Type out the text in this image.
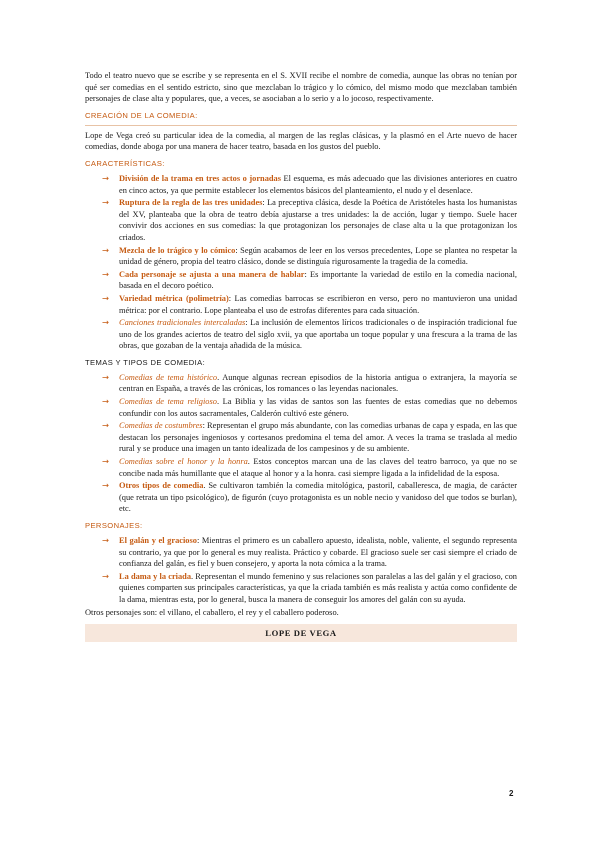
Todo el teatro nuevo que se escribe y se representa en el S. XVII recibe el nombre de comedia, aunque las obras no tenían por qué ser comedias en el sentido estricto, sino que mezclaban lo trágico y lo cómico, del mismo modo que mezclaban también personajes de clase alta y populares, que, a veces, se asociaban a lo serio y a lo jocoso, respectivamente.

CREACIÓN DE LA COMEDIA:

Lope de Vega creó su particular idea de la comedia, al margen de las reglas clásicas, y la plasmó en el Arte nuevo de hacer comedias, donde aboga por una manera de hacer teatro, basada en los gustos del pueblo.

CARACTERÍSTICAS:
→ División de la trama en tres actos o jornadas El esquema, es más adecuado que las divisiones anteriores en cuatro en cinco actos, ya que permite establecer los elementos básicos del planteamiento, el nudo y el desenlace.

→ Ruptura de la regla de las tres unidades: La preceptiva clásica, desde la Poética de Aristóteles hasta los humanistas del XV, planteaba que la obra de teatro debía ajustarse a tres unidades: la de acción, lugar y tiempo. Suele hacer convivir dos acciones en sus comedias: la que protagonizan los personajes de clase alta u la que protagonizan los criados.

→ Mezcla de lo trágico y lo cómico: Según acabamos de leer en los versos precedentes, Lope se plantea no respetar la unidad de género, propia del teatro clásico, donde se distinguía rigurosamente la tragedia de la comedia.

→ Cada personaje se ajusta a una manera de hablar: Es importante la variedad de estilo en la comedia nacional, basada en el decoro poético.

→ Variedad métrica (polimetría): Las comedias barrocas se escribieron en verso, pero no mantuvieron una unidad métrica: por el contrario. Lope planteaba el uso de estrofas diferentes para cada situación.

→ Canciones tradicionales intercaladas: La inclusión de elementos líricos tradicionales o de inspiración tradicional fue uno de los grandes aciertos de teatro del siglo xvii, ya que aportaba un toque popular y una frescura a la trama de las obras, que gozaban de la ventaja añadida de la música.

TEMAS Y TIPOS DE COMEDIA:
→ Comedias de tema histórico. Aunque algunas recrean episodios de la historia antigua o extranjera, la mayoría se centran en España, a través de las crónicas, los romances o las leyendas nacionales.

→ Comedias de tema religioso. La Biblia y las vidas de santos son las fuentes de estas comedias que no debemos confundir con los autos sacramentales, Calderón cultivó este género.

→ Comedias de costumbres: Representan el grupo más abundante, con las comedias urbanas de capa y espada, en las que destacan los personajes ingeniosos y cortesanos predomina el tema del amor. A veces la trama se traslada al medio rural y se produce una imagen un tanto idealizada de los campesinos y de su ambiente.

→ Comedias sobre el honor y la honra. Estos conceptos marcan una de las claves del teatro barroco, ya que no se concibe nada más humillante que el ataque al honor y a la honra. casi siempre ligada a la infidelidad de la esposa.

→ Otros tipos de comedia. Se cultivaron también la comedia mitológica, pastoril, caballeresca, de magia, de carácter (que retrata un tipo psicológico), de figurón (cuyo protagonista es un noble necio y vanidoso del que todos se burlan), etc.

PERSONAJES:
→ El galán y el gracioso: Mientras el primero es un caballero apuesto, idealista, noble, valiente, el segundo representa su contrario, ya que por lo general es muy realista. Práctico y cobarde. El gracioso suele ser casi siempre el criado de confianza del galán, es fiel y buen consejero, y aporta la nota cómica a la trama.

→ La dama y la criada. Representan el mundo femenino y sus relaciones son paralelas a las del galán y el gracioso, con quienes comparten sus principales características, ya que la criada también es más realista y actúa como confidente de la dama, mientras esta, por lo general, busca la manera de conseguir los amores del galán con su ayuda.

Otros personajes son: el villano, el caballero, el rey y el caballero poderoso.

LOPE DE VEGA
2
